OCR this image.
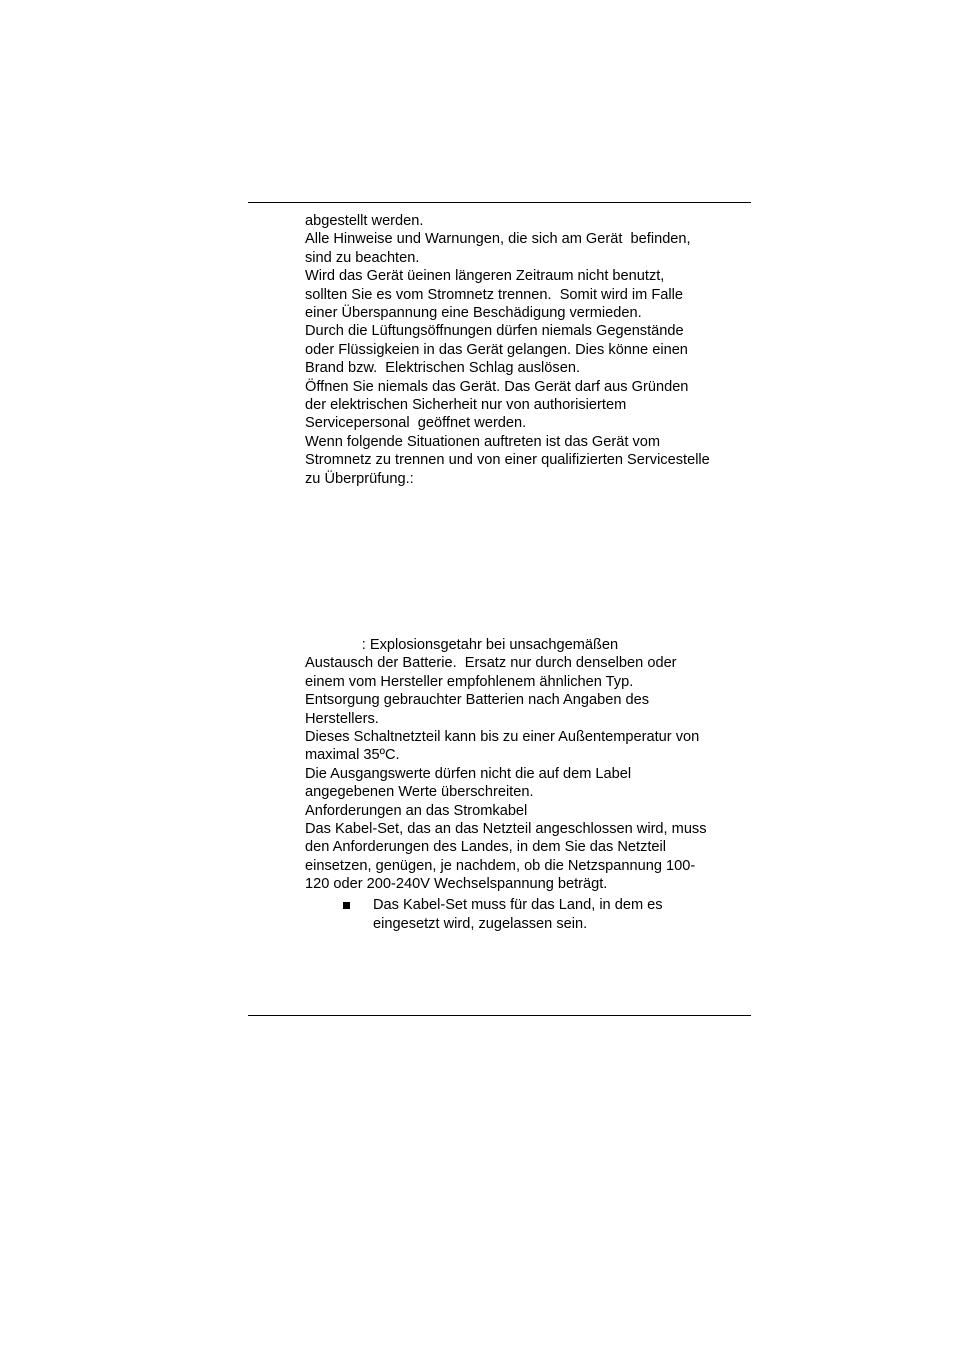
abgestellt werden.
Alle Hinweise und Warnungen, die sich am Gerät  befinden,
sind zu beachten.
Wird das Gerät üeinen längeren Zeitraum nicht benutzt,
sollten Sie es vom Stromnetz trennen.  Somit wird im Falle
einer Überspannung eine Beschädigung vermieden.
Durch die Lüftungsöffnungen dürfen niemals Gegenstände
oder Flüssigkeien in das Gerät gelangen. Dies könne einen
Brand bzw.  Elektrischen Schlag auslösen.
Öffnen Sie niemals das Gerät. Das Gerät darf aus Gründen
der elektrischen Sicherheit nur von authorisiertem
Servicepersonal  geöffnet werden.
Wenn folgende Situationen auftreten ist das Gerät vom
Stromnetz zu trennen und von einer qualifizierten Servicestelle
zu Überprüfung.:
: Explosionsgetahr bei unsachgemäßen
Austausch der Batterie.  Ersatz nur durch denselben oder
einem vom Hersteller empfohlenem ähnlichen Typ.
Entsorgung gebrauchter Batterien nach Angaben des
Herstellers.
Dieses Schaltnetzteil kann bis zu einer Außentemperatur von
maximal 35ºC.
Die Ausgangswerte dürfen nicht die auf dem Label
angegebenen Werte überschreiten.
Anforderungen an das Stromkabel
Das Kabel-Set, das an das Netzteil angeschlossen wird, muss
den Anforderungen des Landes, in dem Sie das Netzteil
einsetzen, genügen, je nachdem, ob die Netzspannung 100-
120 oder 200-240V Wechselspannung beträgt.
Das Kabel-Set muss für das Land, in dem es
eingesetzt wird, zugelassen sein.
